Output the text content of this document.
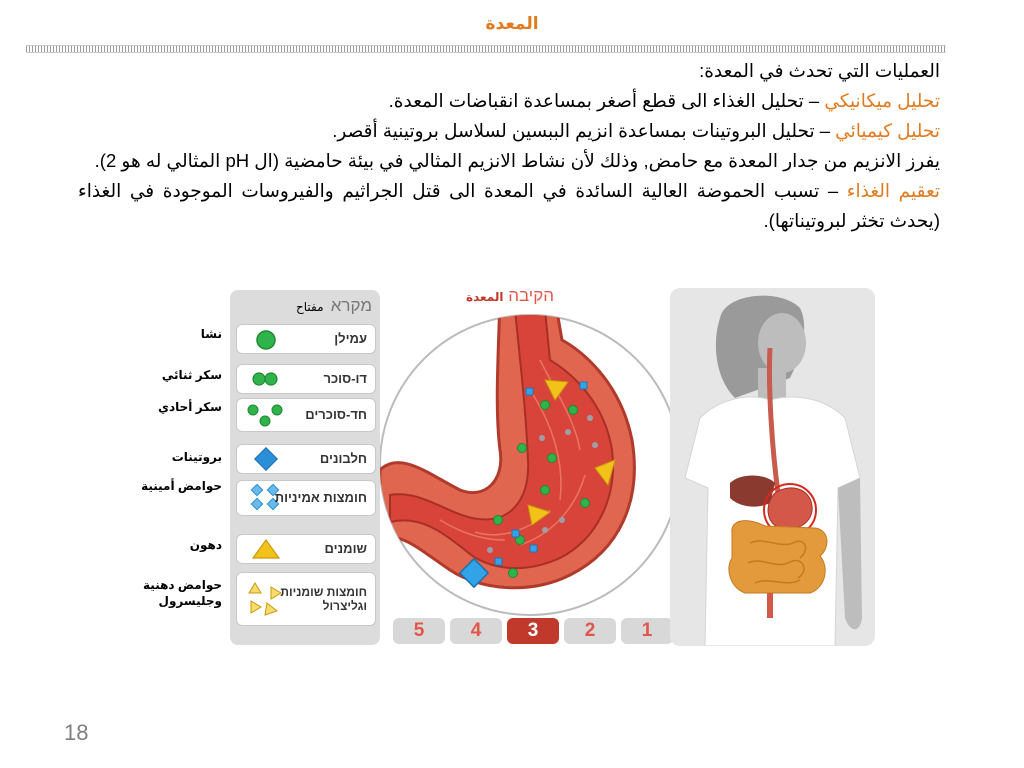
المعدة

العمليات التي تحدث في المعدة:

تحليل ميكانيكي – تحليل الغذاء الى قطع أصغر بمساعدة انقباضات المعدة.

تحليل كيميائي – تحليل البروتينات بمساعدة انزيم الببسين لسلاسل بروتينية أقصر.

يفرز الانزيم من جدار المعدة مع حامض, وذلك لأن نشاط الانزيم المثالي في بيئة حامضية (ال pH المثالي له هو 2).

تعقيم الغذاء – تسبب الحموضة العالية السائدة في المعدة الى قتل الجراثيم والفيروسات الموجودة في الغذاء (يحدث تخثر لبروتيناتها).

نشا
سكر ثنائي
سكر أحادي
بروتينات
حوامض أمينية
دهون
حوامض دهنية وجليسرول
מקרא مفتاح
עמילן
דו-סוכר
חד-סוכרים
חלבונים
חומצות אמיניות
שומנים
חומצות שומניות וגליצרול
הקיבה المعدة
1
2
3
4
5
18
